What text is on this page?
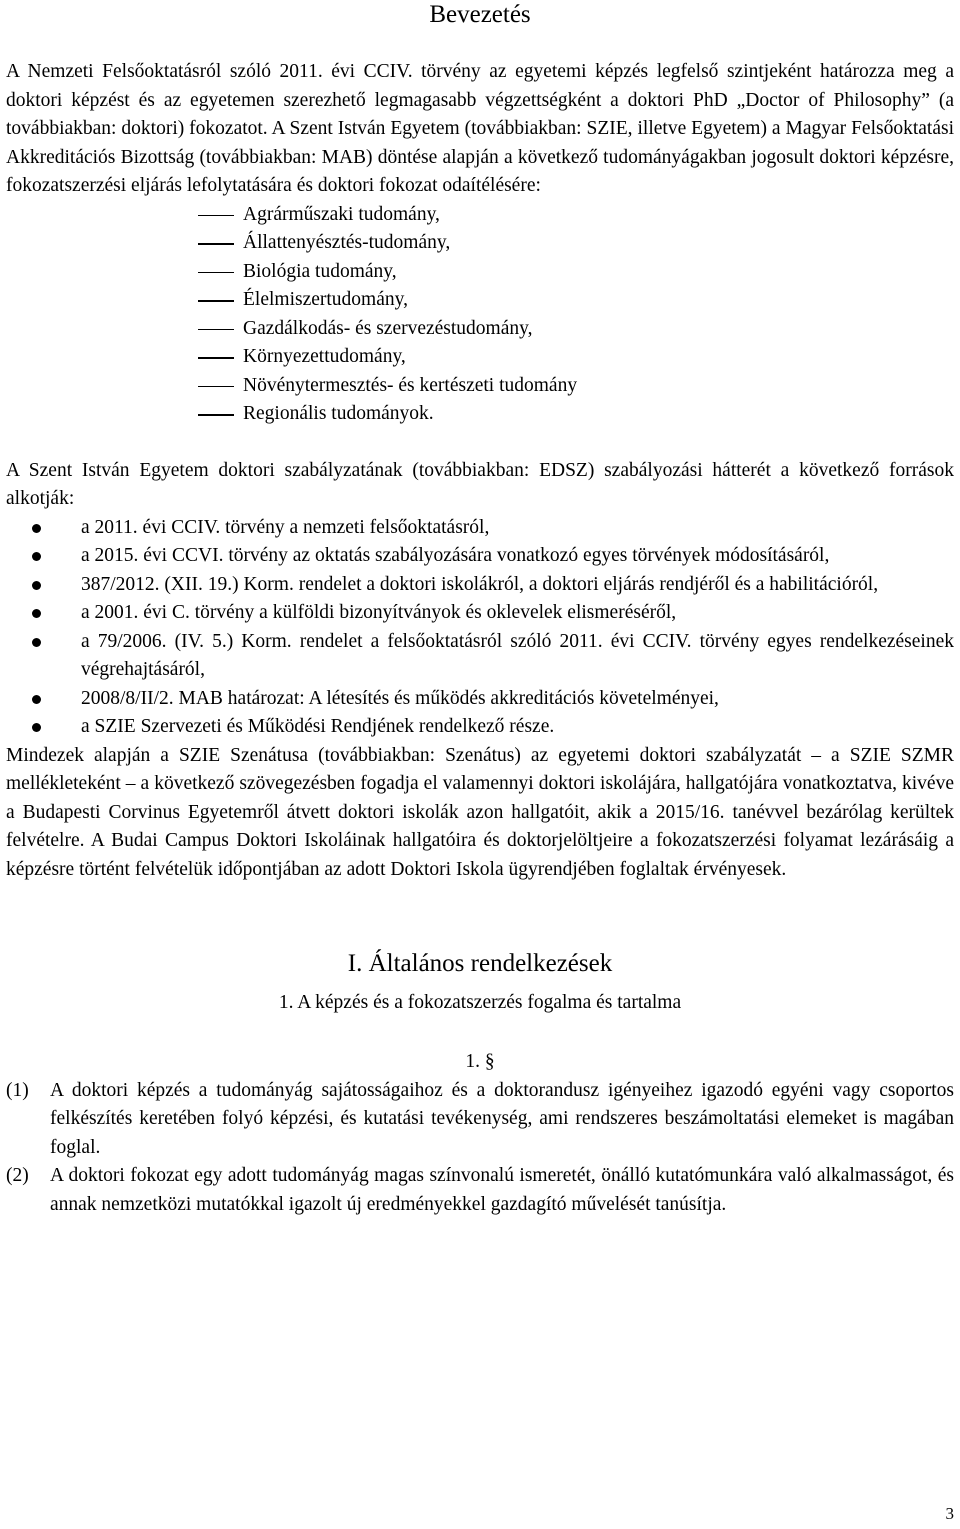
Bevezetés

A Nemzeti Felsőoktatásról szóló 2011. évi CCIV. törvény az egyetemi képzés legfelső szintjeként határozza meg a doktori képzést és az egyetemen szerezhető legmagasabb végzettségként a doktori PhD „Doctor of Philosophy” (a továbbiakban: doktori) fokozatot. A Szent István Egyetem (továbbiakban: SZIE, illetve Egyetem) a Magyar Felsőoktatási Akkreditációs Bizottság (továbbiakban: MAB) döntése alapján a következő tudományágakban jogosult doktori képzésre, fokozatszerzési eljárás lefolytatására és doktori fokozat odaítélésére:

Agrárműszaki tudomány,
Állattenyésztés-tudomány,
Biológia tudomány,
Élelmiszertudomány,
Gazdálkodás- és szervezéstudomány,
Környezettudomány,
Növénytermesztés- és kertészeti tudomány
Regionális tudományok.

A Szent István Egyetem doktori szabályzatának (továbbiakban: EDSZ) szabályozási hátterét a következő források alkotják:

a 2011. évi CCIV. törvény a nemzeti felsőoktatásról,
a 2015. évi CCVI. törvény az oktatás szabályozására vonatkozó egyes törvények módosításáról,
387/2012. (XII. 19.) Korm. rendelet a doktori iskolákról, a doktori eljárás rendjéről és a habilitációról,
a 2001. évi C. törvény a külföldi bizonyítványok és oklevelek elismeréséről,
a 79/2006. (IV. 5.) Korm. rendelet a felsőoktatásról szóló 2011. évi CCIV. törvény egyes rendelkezéseinek végrehajtásáról,
2008/8/II/2. MAB határozat: A létesítés és működés akkreditációs követelményei,
a SZIE Szervezeti és Működési Rendjének rendelkező része.

Mindezek alapján a SZIE Szenátusa (továbbiakban: Szenátus) az egyetemi doktori szabályzatát – a SZIE SZMR mellékleteként – a következő szövegezésben fogadja el valamennyi doktori iskolájára, hallgatójára vonatkoztatva, kivéve a Budapesti Corvinus Egyetemről átvett doktori iskolák azon hallgatóit, akik a 2015/16. tanévvel bezárólag kerültek felvételre. A Budai Campus Doktori Iskoláinak hallgatóira és doktorjelöltjeire a fokozatszerzési folyamat lezárásáig a képzésre történt felvételük időpontjában az adott Doktori Iskola ügyrendjében foglaltak érvényesek.

I. Általános rendelkezések
1. A képzés és a fokozatszerzés fogalma és tartalma
1. §
(1) A doktori képzés a tudományág sajátosságaihoz és a doktorandusz igényeihez igazodó egyéni vagy csoportos felkészítés keretében folyó képzési, és kutatási tevékenység, ami rendszeres beszámoltatási elemeket is magában foglal.
(2) A doktori fokozat egy adott tudományág magas színvonalú ismeretét, önálló kutatómunkára való alkalmasságot, és annak nemzetközi mutatókkal igazolt új eredményekkel gazdagító művelését tanúsítja.
3
